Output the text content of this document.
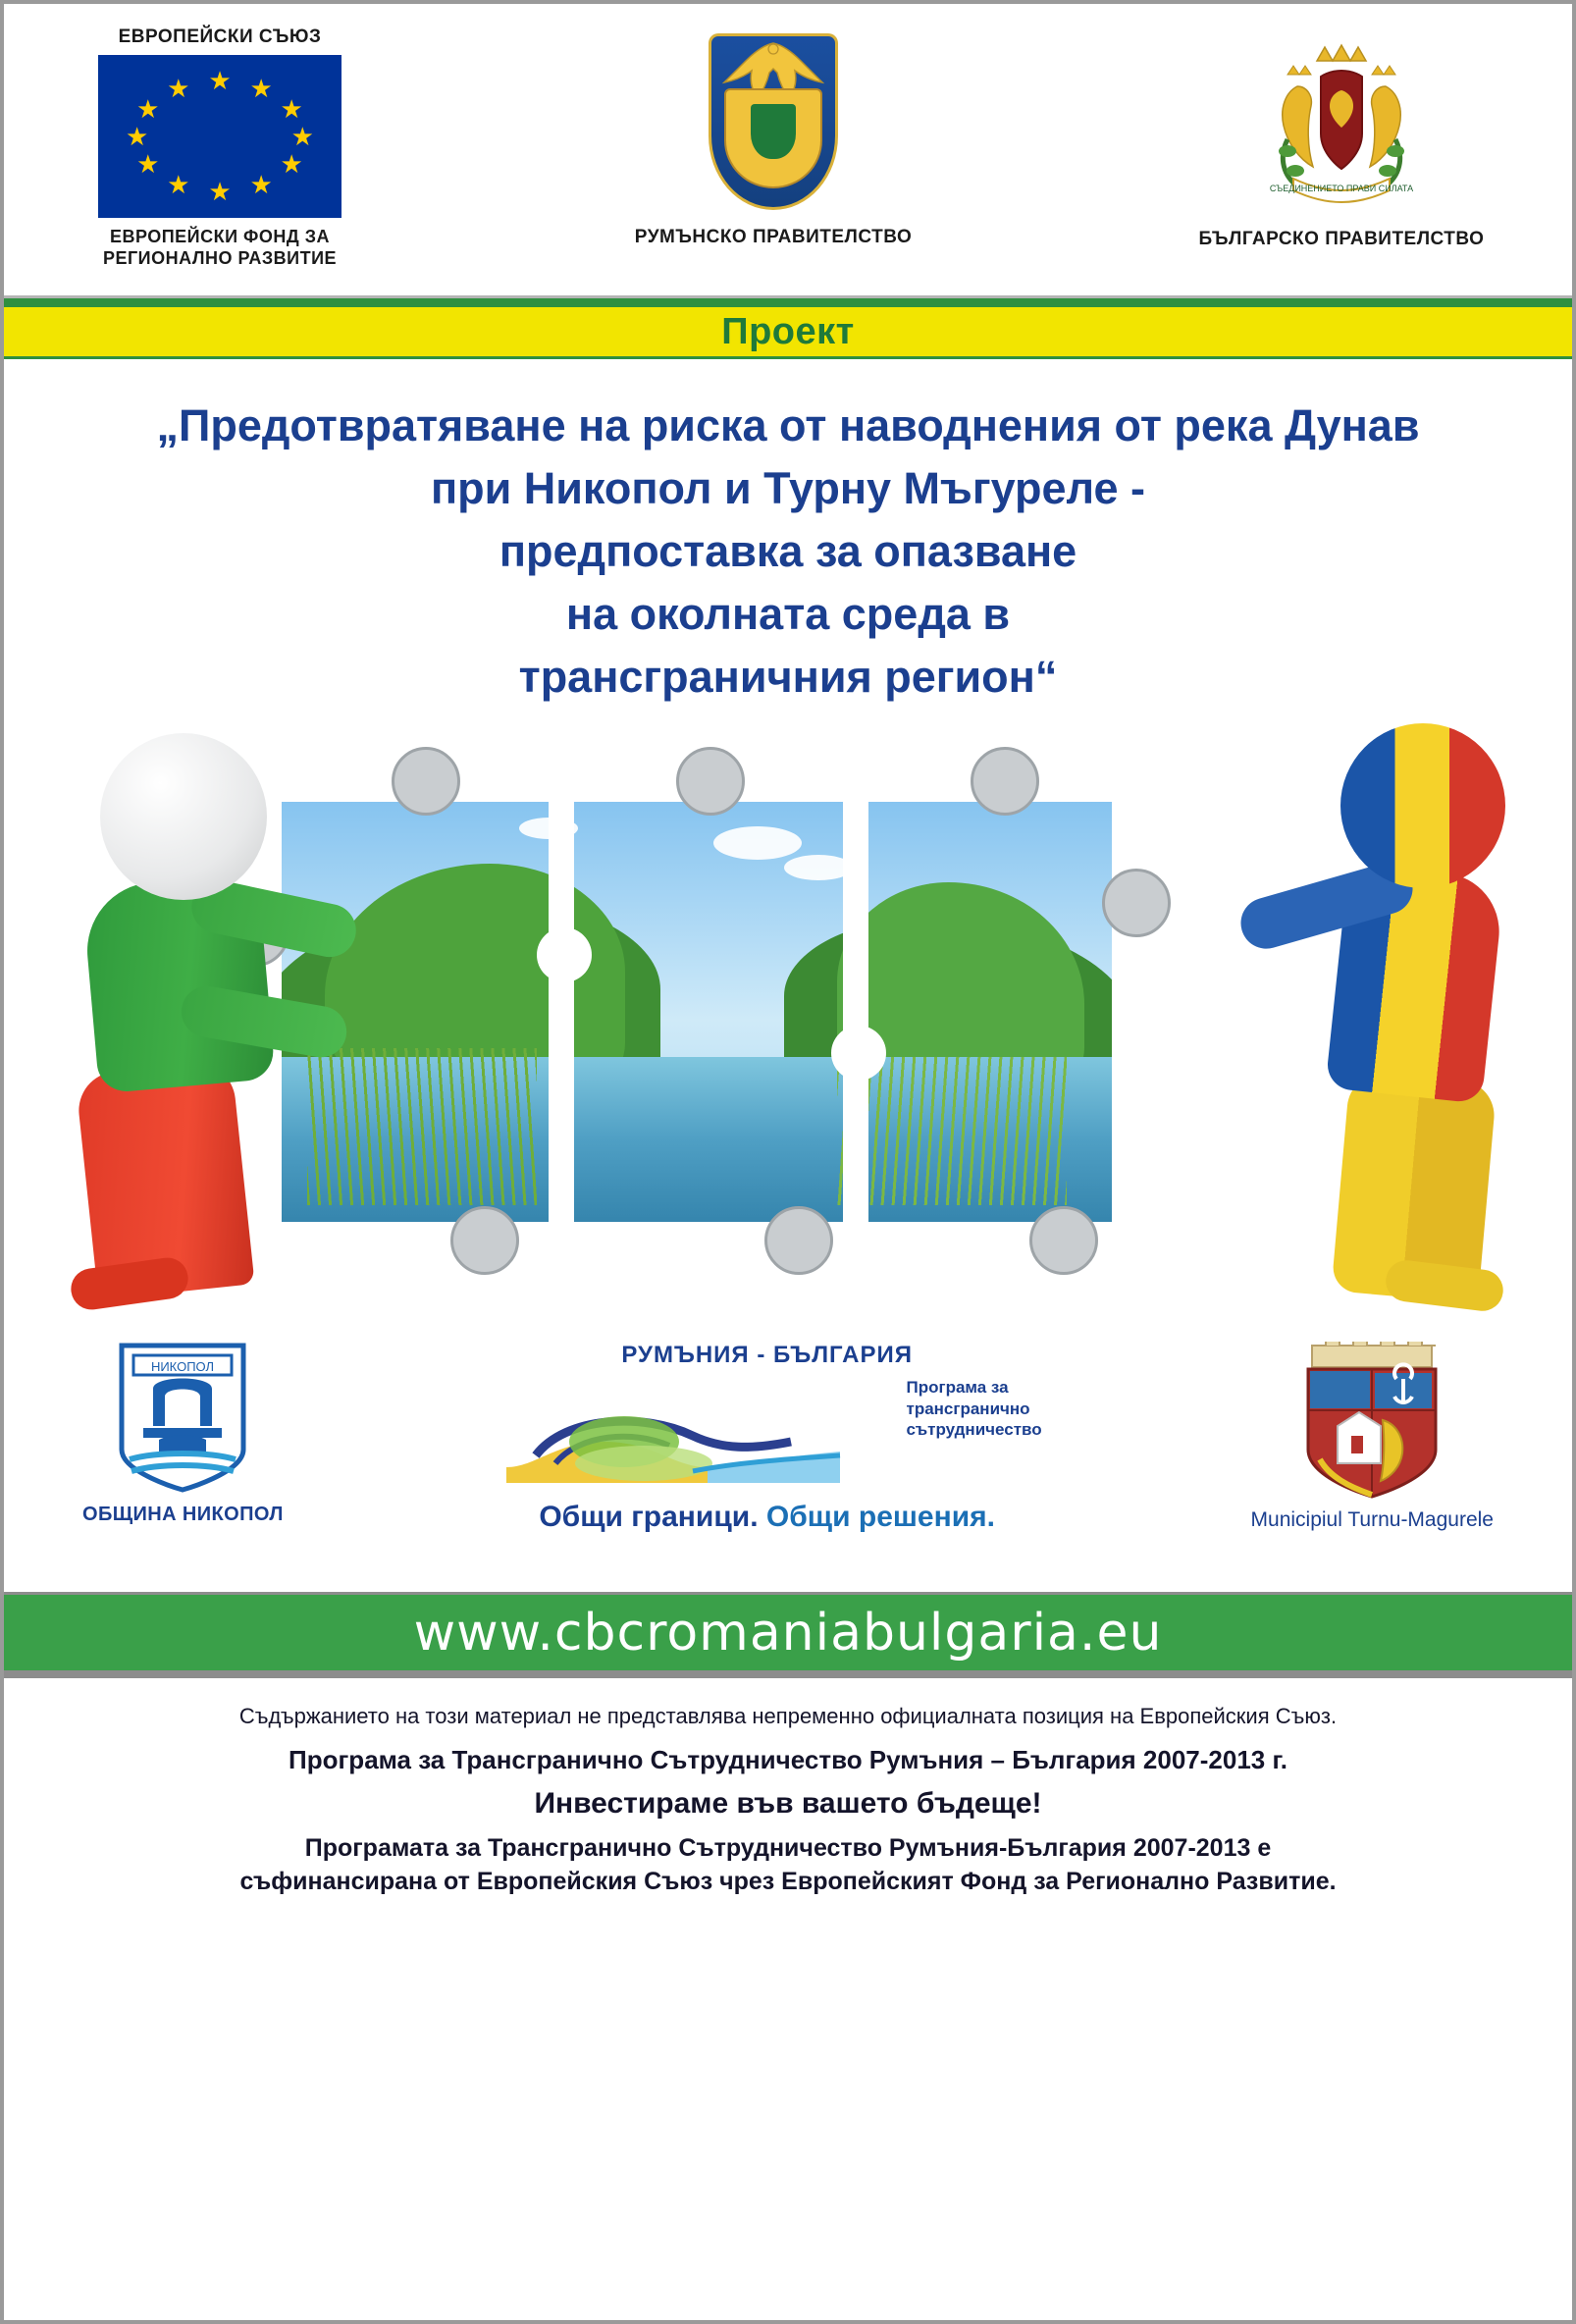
ЕВРОПЕЙСКИ СЪЮЗ
★ ★
★
★
★
★
★
★
★
★
★
★
ЕВРОПЕЙСКИ ФОНД ЗА
РЕГИОНАЛНО РАЗВИТИЕ
РУМЪНСКО ПРАВИТЕЛСТВО
СЪЕДИНЕНИЕТО ПРАВИ СИЛАТА
БЪЛГАРСКО ПРАВИТЕЛСТВО
Проект
„Предотвратяване на риска от наводнения от река Дунав
при Никопол и Турну Мъгуреле -
предпоставка за опазване
на околната среда в
трансграничния регион“
НИКОПОЛ
ОБЩИНА НИКОПОЛ
РУМЪНИЯ - БЪЛГАРИЯ
Програма за
трансгранично
сътрудничество
Общи граници. Общи решения.	Municipiul Turnu-Magurele
www.cbcromaniabulgaria.eu
Съдържанието на този материал не представлява непременно официалната позиция на Европейския Съюз.
Програма за Трансгранично Сътрудничество Румъния – България 2007-2013 г.
Инвестираме във вашето бъдеще!
Програмата за Трансгранично Сътрудничество Румъния-България 2007-2013 е
съфинансирана от Европейския Съюз чрез Европейският Фонд за Регионално Развитие.
